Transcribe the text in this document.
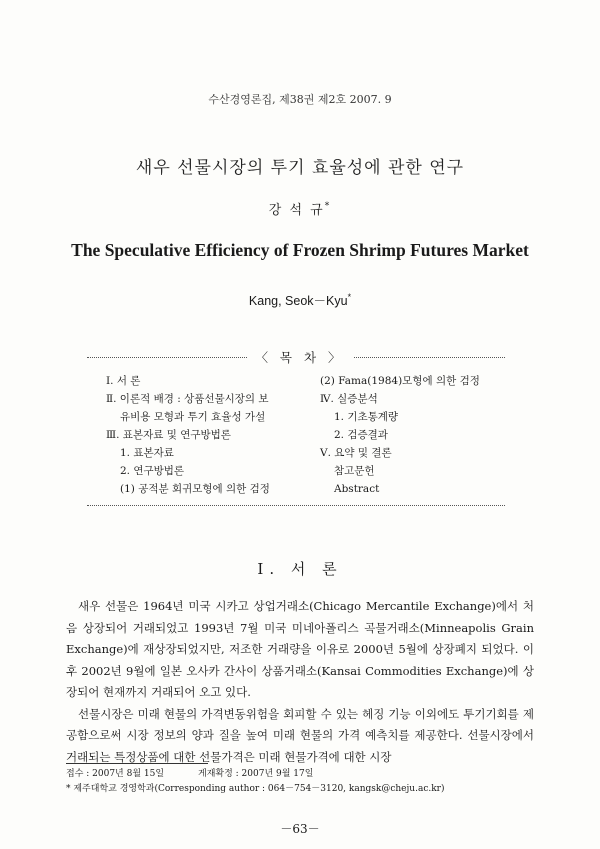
수산경영론집, 제38권 제2호 2007. 9
새우 선물시장의 투기 효율성에 관한 연구
강 석 규*
The Speculative Efficiency of Frozen Shrimp Futures Market
Kang, Seok－Kyu*
〈 목 차 〉
Ⅰ. 서 론
Ⅱ. 이론적 배경 : 상품선물시장의 보
유비용 모형과 투기 효율성 가설
Ⅲ. 표본자료 및 연구방법론
1. 표본자료
2. 연구방법론
(1) 공적분 회귀모형에 의한 검정
(2) Fama(1984)모형에 의한 검정
Ⅳ. 실증분석
1. 기초통계량
2. 검증결과
Ⅴ. 요약 및 결론
참고문헌
Abstract
Ⅰ. 서 론

새우 선물은 1964년 미국 시카고 상업거래소(Chicago Mercantile Exchange)에서 처음 상장되어 거래되었고 1993년 7월 미국 미네아폴리스 곡물거래소(Minneapolis Grain Exchange)에 재상장되었지만, 저조한 거래량을 이유로 2000년 5월에 상장폐지 되었다. 이후 2002년 9월에 일본 오사카 간사이 상품거래소(Kansai Commodities Exchange)에 상장되어 현재까지 거래되어 오고 있다.

선물시장은 미래 현물의 가격변동위험을 회피할 수 있는 헤징 기능 이외에도 투기기회를 제공함으로써 시장 정보의 양과 질을 높여 미래 현물의 가격 예측치를 제공한다. 선물시장에서 거래되는 특정상품에 대한 선물가격은 미래 현물가격에 대한 시장

접수 : 2007년 8월 15일	게재확정 : 2007년 9월 17일
* 제주대학교 경영학과(Corresponding author : 064－754－3120, kangsk@cheju.ac.kr)
－63－
